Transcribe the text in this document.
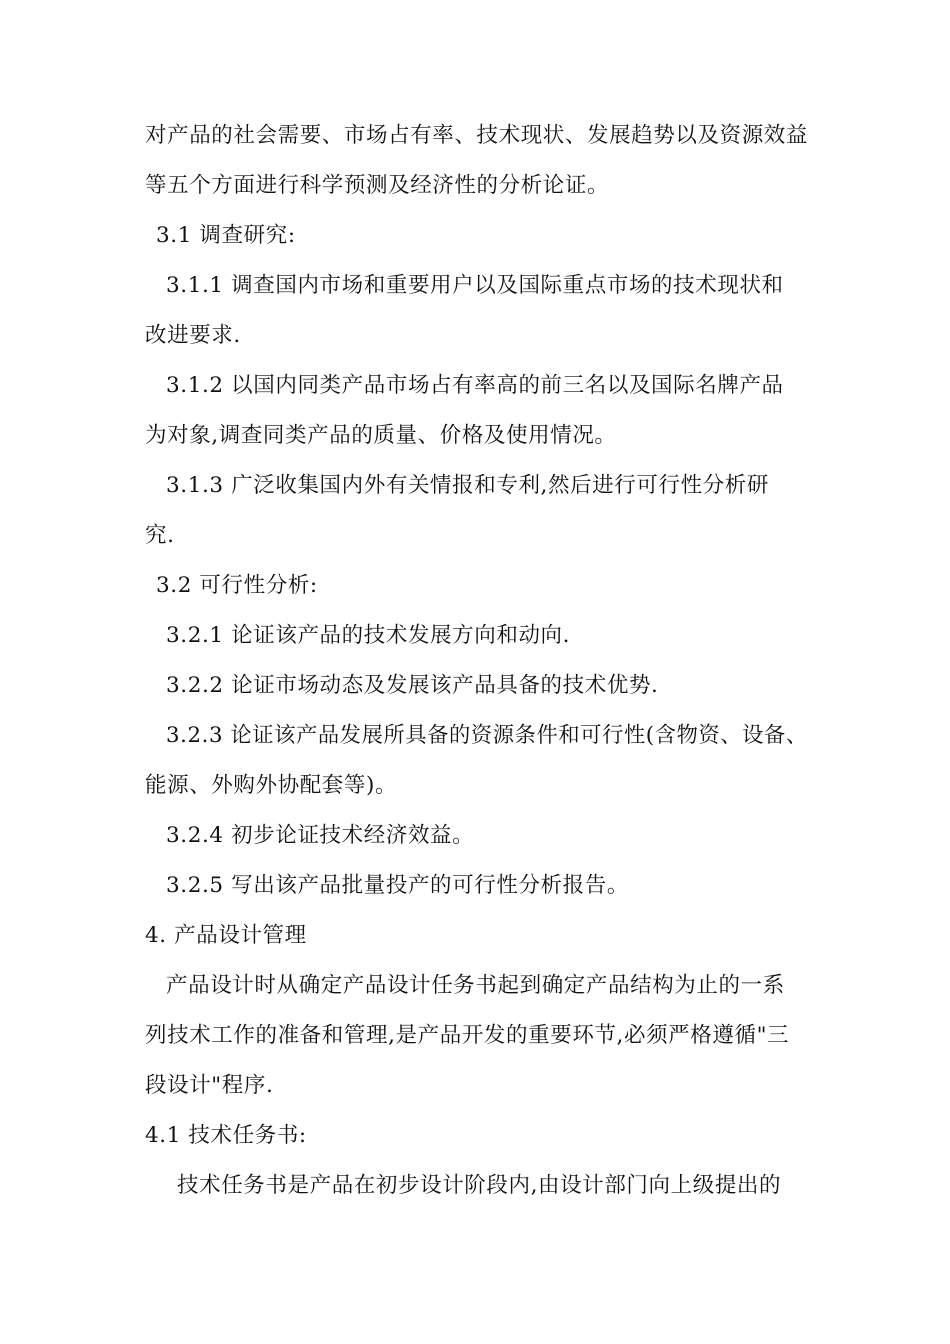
对产品的社会需要、市场占有率、技术现状、发展趋势以及资源效益
等五个方面进行科学预测及经济性的分析论证。
3.1 调查研究:
3.1.1 调查国内市场和重要用户以及国际重点市场的技术现状和
改进要求.
3.1.2 以国内同类产品市场占有率高的前三名以及国际名牌产品
为对象,调查同类产品的质量、价格及使用情况。
3.1.3 广泛收集国内外有关情报和专利,然后进行可行性分析研
究.
3.2 可行性分析:
3.2.1 论证该产品的技术发展方向和动向.
3.2.2 论证市场动态及发展该产品具备的技术优势.
3.2.3 论证该产品发展所具备的资源条件和可行性(含物资、设备、
能源、外购外协配套等)。
3.2.4 初步论证技术经济效益。
3.2.5 写出该产品批量投产的可行性分析报告。
4. 产品设计管理
产品设计时从确定产品设计任务书起到确定产品结构为止的一系
列技术工作的准备和管理,是产品开发的重要环节,必须严格遵循"三
段设计"程序.
4.1 技术任务书:
技术任务书是产品在初步设计阶段内,由设计部门向上级提出的
